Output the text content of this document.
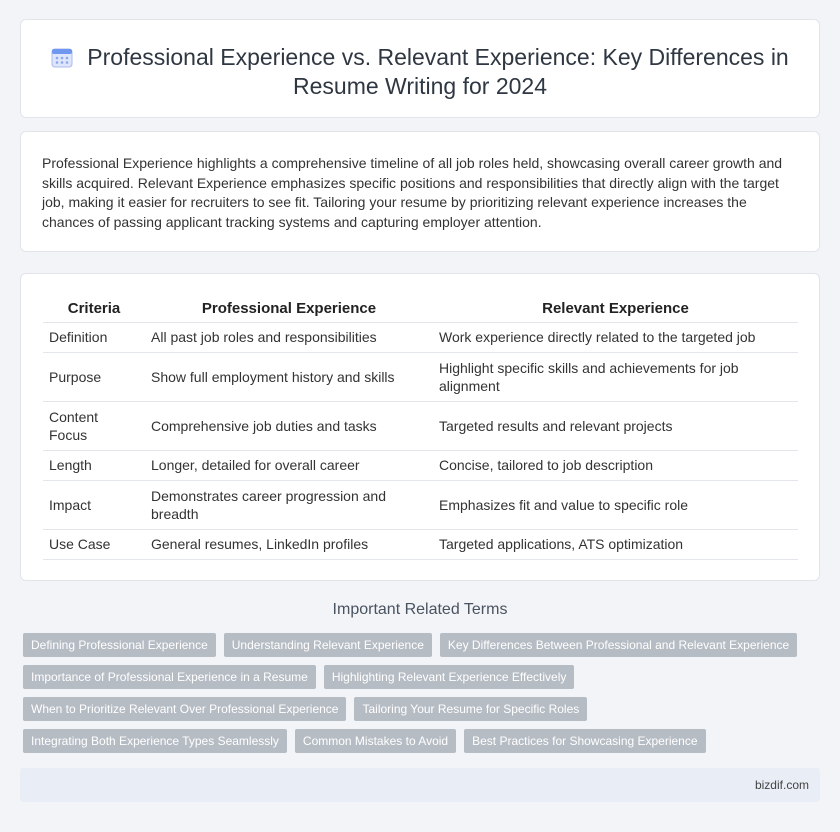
Professional Experience vs. Relevant Experience: Key Differences in Resume Writing for 2024

Professional Experience highlights a comprehensive timeline of all job roles held, showcasing overall career growth and skills acquired. Relevant Experience emphasizes specific positions and responsibilities that directly align with the target job, making it easier for recruiters to see fit. Tailoring your resume by prioritizing relevant experience increases the chances of passing applicant tracking systems and capturing employer attention.

Criteria	Professional Experience	Relevant Experience
Definition	All past job roles and responsibilities	Work experience directly related to the targeted job
Purpose	Show full employment history and skills	Highlight specific skills and achievements for job alignment
Content Focus	Comprehensive job duties and tasks	Targeted results and relevant projects
Length	Longer, detailed for overall career	Concise, tailored to job description
Impact	Demonstrates career progression and breadth	Emphasizes fit and value to specific role
Use Case	General resumes, LinkedIn profiles	Targeted applications, ATS optimization
Important Related Terms
Defining Professional Experience	Understanding Relevant Experience	Key Differences Between Professional and Relevant Experience
Importance of Professional Experience in a Resume	Highlighting Relevant Experience Effectively
When to Prioritize Relevant Over Professional Experience	Tailoring Your Resume for Specific Roles
Integrating Both Experience Types Seamlessly	Common Mistakes to Avoid	Best Practices for Showcasing Experience
bizdif.com
